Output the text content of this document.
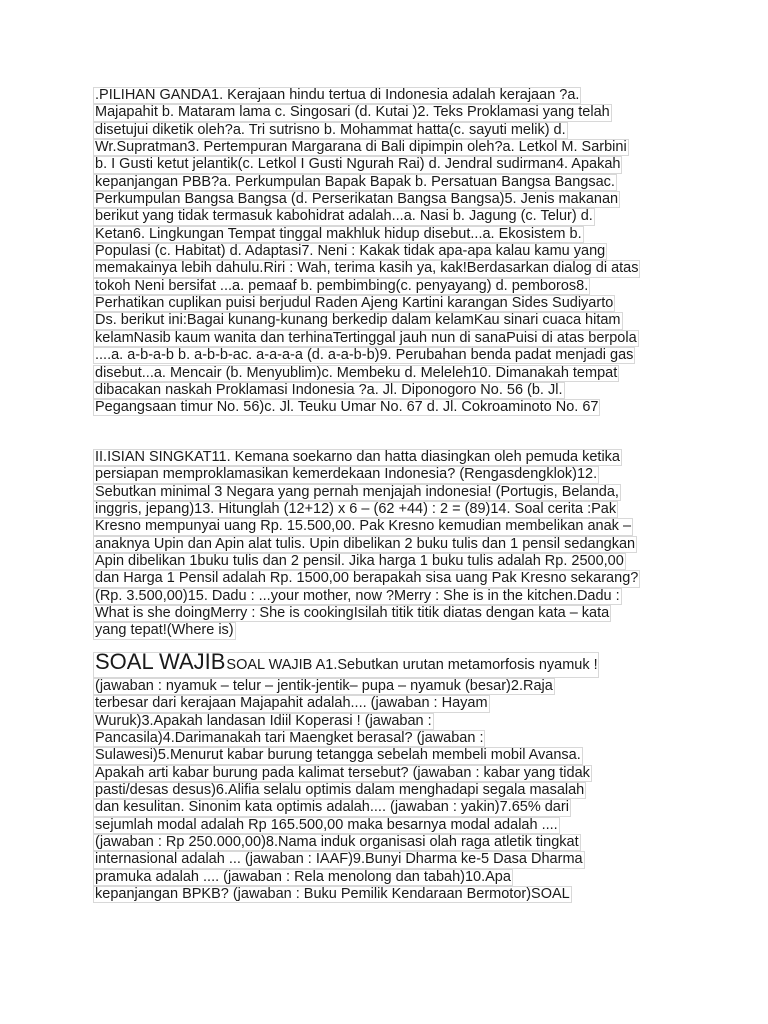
.PILIHAN GANDA1. Kerajaan hindu tertua di Indonesia adalah kerajaan ?a.
Majapahit b. Mataram lama c. Singosari (d. Kutai )2. Teks Proklamasi yang telah
disetujui diketik oleh?a. Tri sutrisno b. Mohammat hatta(c. sayuti melik) d.
Wr.Supratman3. Pertempuran Margarana di Bali dipimpin oleh?a. Letkol M. Sarbini
b. I Gusti ketut jelantik(c. Letkol I Gusti Ngurah Rai) d. Jendral sudirman4. Apakah
kepanjangan PBB?a. Perkumpulan Bapak Bapak b. Persatuan Bangsa Bangsac.
Perkumpulan Bangsa Bangsa (d. Perserikatan Bangsa Bangsa)5. Jenis makanan
berikut yang tidak termasuk kabohidrat adalah...a. Nasi b. Jagung (c. Telur) d.
Ketan6. Lingkungan Tempat tinggal makhluk hidup disebut...a. Ekosistem b.
Populasi (c. Habitat) d. Adaptasi7. Neni : Kakak tidak apa-apa kalau kamu yang
memakainya lebih dahulu.Riri : Wah, terima kasih ya, kak!Berdasarkan dialog di atas
tokoh Neni bersifat ...a. pemaaf b. pembimbing(c. penyayang) d. pemboros8.
Perhatikan cuplikan puisi berjudul Raden Ajeng Kartini karangan Sides Sudiyarto
Ds. berikut ini:Bagai kunang-kunang berkedip dalam kelamKau sinari cuaca hitam
kelamNasib kaum wanita dan terhinaTertinggal jauh nun di sanaPuisi di atas berpola
....a. a-b-a-b b. a-b-b-ac. a-a-a-a (d. a-a-b-b)9. Perubahan benda padat menjadi gas
disebut...a. Mencair (b. Menyublim)c. Membeku d. Meleleh10. Dimanakah tempat
dibacakan naskah Proklamasi Indonesia ?a. Jl. Diponogoro No. 56 (b. Jl.
Pegangsaan timur No. 56)c. Jl. Teuku Umar No. 67 d. Jl. Cokroaminoto No. 67
II.ISIAN SINGKAT11. Kemana soekarno dan hatta diasingkan oleh pemuda ketika
persiapan memproklamasikan kemerdekaan Indonesia? (Rengasdengklok)12.
Sebutkan minimal 3 Negara yang pernah menjajah indonesia! (Portugis, Belanda,
inggris, jepang)13. Hitunglah (12+12) x 6 – (62 +44) : 2 = (89)14. Soal cerita :Pak
Kresno mempunyai uang Rp. 15.500,00. Pak Kresno kemudian membelikan anak –
anaknya Upin dan Apin alat tulis. Upin dibelikan 2 buku tulis dan 1 pensil sedangkan
Apin dibelikan 1buku tulis dan 2 pensil. Jika harga 1 buku tulis adalah Rp. 2500,00
dan Harga 1 Pensil adalah Rp. 1500,00 berapakah sisa uang Pak Kresno sekarang?
(Rp. 3.500,00)15. Dadu : ...your mother, now ?Merry : She is in the kitchen.Dadu :
What is she doingMerry : She is cookingIsilah titik titik diatas dengan kata – kata
yang tepat!(Where is)
SOAL WAJIBSOAL WAJIB A1.Sebutkan urutan metamorfosis nyamuk !
(jawaban : nyamuk – telur – jentik-jentik– pupa – nyamuk (besar)2.Raja
terbesar dari kerajaan Majapahit adalah.... (jawaban : Hayam
Wuruk)3.Apakah landasan Idiil Koperasi ! (jawaban :
Pancasila)4.Darimanakah tari Maengket berasal? (jawaban :
Sulawesi)5.Menurut kabar burung tetangga sebelah membeli mobil Avansa.
Apakah arti kabar burung pada kalimat tersebut? (jawaban : kabar yang tidak
pasti/desas desus)6.Alifia selalu optimis dalam menghadapi segala masalah
dan kesulitan. Sinonim kata optimis adalah.... (jawaban : yakin)7.65% dari
sejumlah modal adalah Rp 165.500,00 maka besarnya modal adalah ....
(jawaban : Rp 250.000,00)8.Nama induk organisasi olah raga atletik tingkat
internasional adalah ... (jawaban : IAAF)9.Bunyi Dharma ke-5 Dasa Dharma
pramuka adalah .... (jawaban : Rela menolong dan tabah)10.Apa
kepanjangan BPKB? (jawaban : Buku Pemilik Kendaraan Bermotor)SOAL
